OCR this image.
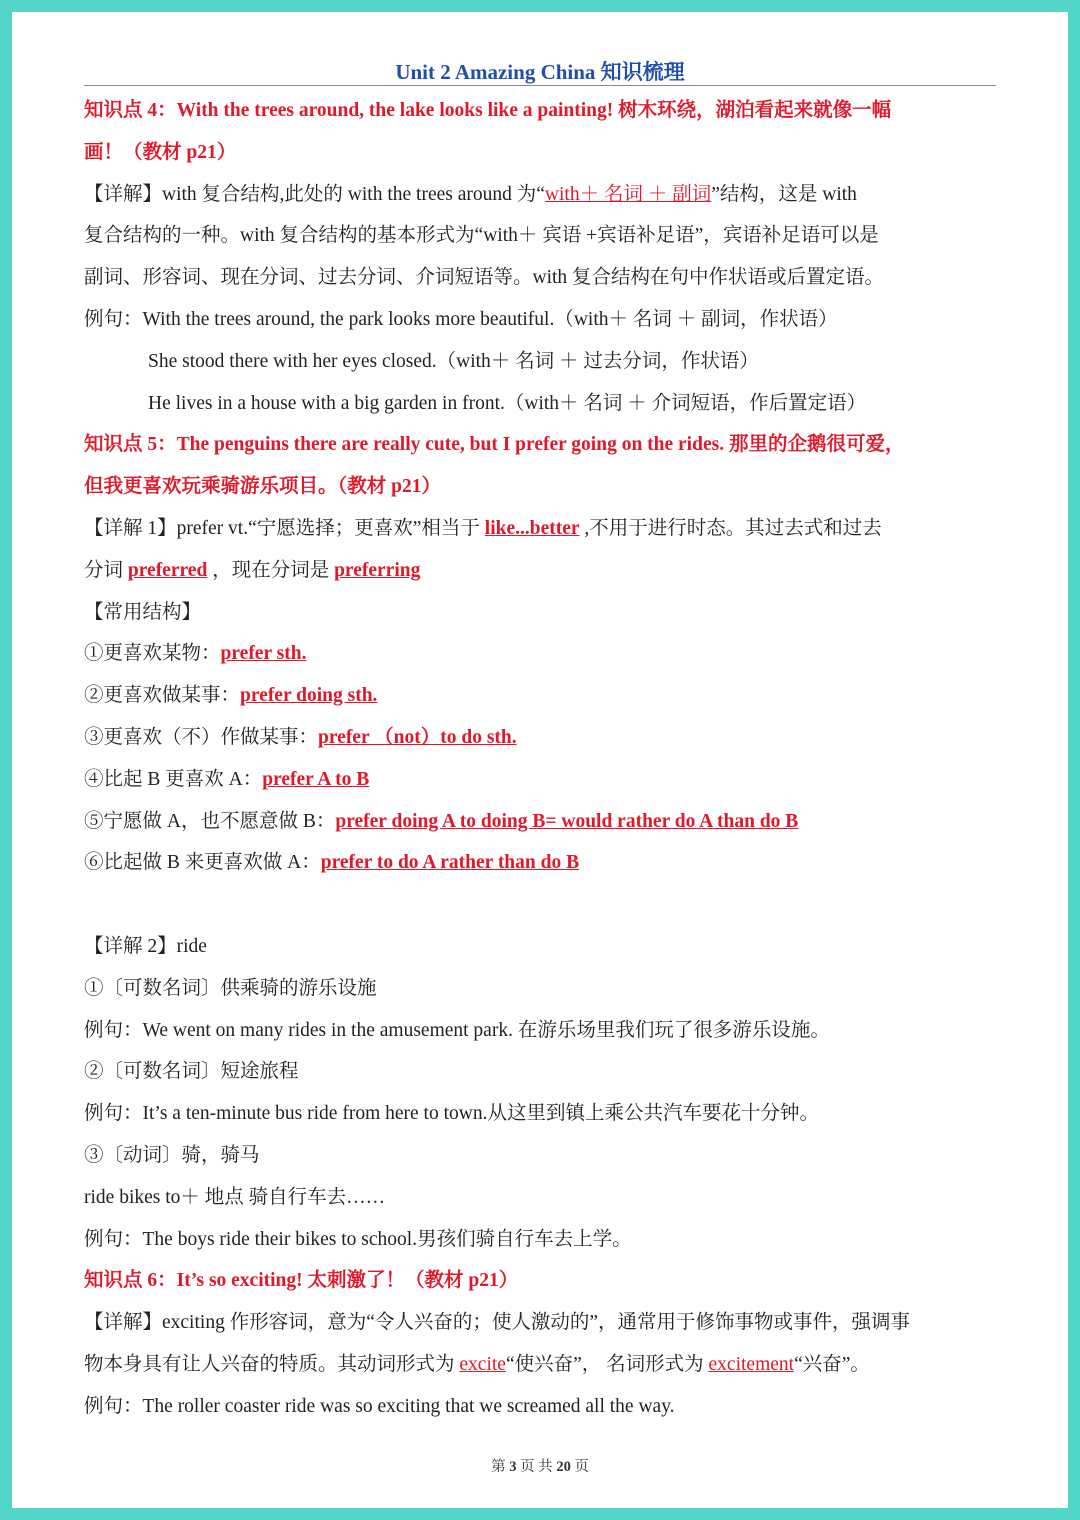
Unit 2 Amazing China 知识梳理
知识点 4：With the trees around, the lake looks like a painting! 树木环绕，湖泊看起来就像一幅
画！（教材 p21）
【详解】with 复合结构,此处的 with the trees around 为“with＋ 名词 ＋ 副词”结构，这是 with
复合结构的一种。with 复合结构的基本形式为“with＋ 宾语 +宾语补足语”，宾语补足语可以是
副词、形容词、现在分词、过去分词、介词短语等。with 复合结构在句中作状语或后置定语。
例句：With the trees around, the park looks more beautiful.（with＋ 名词 ＋ 副词，作状语）
She stood there with her eyes closed.（with＋ 名词 ＋ 过去分词，作状语）
He lives in a house with a big garden in front.（with＋ 名词 ＋ 介词短语，作后置定语）
知识点 5：The penguins there are really cute, but I prefer going on the rides. 那里的企鹅很可爱，
但我更喜欢玩乘骑游乐项目。（教材 p21）
【详解 1】prefer vt.“宁愿选择；更喜欢”相当于 like...better ,不用于进行时态。其过去式和过去
分词 preferred ，现在分词是 preferring
【常用结构】
①更喜欢某物：prefer sth.
②更喜欢做某事：prefer doing sth.
③更喜欢（不）作做某事：prefer （not）to do sth.
④比起 B 更喜欢 A：prefer A to B
⑤宁愿做 A，也不愿意做 B：prefer doing A to doing B= would rather do A than do B
⑥比起做 B 来更喜欢做 A：prefer to do A rather than do B
【详解 2】ride
①〔可数名词〕供乘骑的游乐设施
例句：We went on many rides in the amusement park. 在游乐场里我们玩了很多游乐设施。
②〔可数名词〕短途旅程
例句：It’s a ten-minute bus ride from here to town.从这里到镇上乘公共汽车要花十分钟。
③〔动词〕骑，骑马
ride bikes to＋ 地点 骑自行车去……
例句：The boys ride their bikes to school.男孩们骑自行车去上学。
知识点 6：It’s so exciting! 太刺激了！（教材 p21）
【详解】exciting 作形容词，意为“令人兴奋的；使人激动的”，通常用于修饰事物或事件，强调事
物本身具有让人兴奋的特质。其动词形式为 excite“使兴奋”， 名词形式为 excitement“兴奋”。
例句：The roller coaster ride was so exciting that we screamed all the way.
第 3 页 共 20 页
